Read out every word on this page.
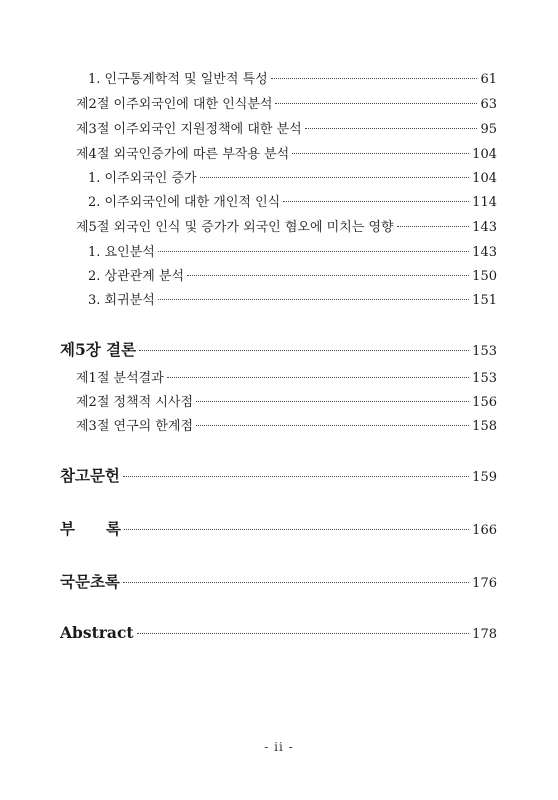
1. 인구통계학적 및 일반적 특성	61
제2절 이주외국인에 대한 인식분석	63
제3절 이주외국인 지원정책에 대한 분석	95
제4절 외국인증가에 따른 부작용 분석	104
1. 이주외국인 증가	104
2. 이주외국인에 대한 개인적 인식	114
제5절 외국인 인식 및 증가가 외국인 혐오에 미치는 영향	143
1. 요인분석	143
2. 상관관계 분석	150
3. 회귀분석	151
제5장 결론	153
제1절 분석결과	153
제2절 정책적 시사점	156
제3절 연구의 한계점	158
참고문헌	159
부　　록	166
국문초록	176
Abstract	178
- ii -
